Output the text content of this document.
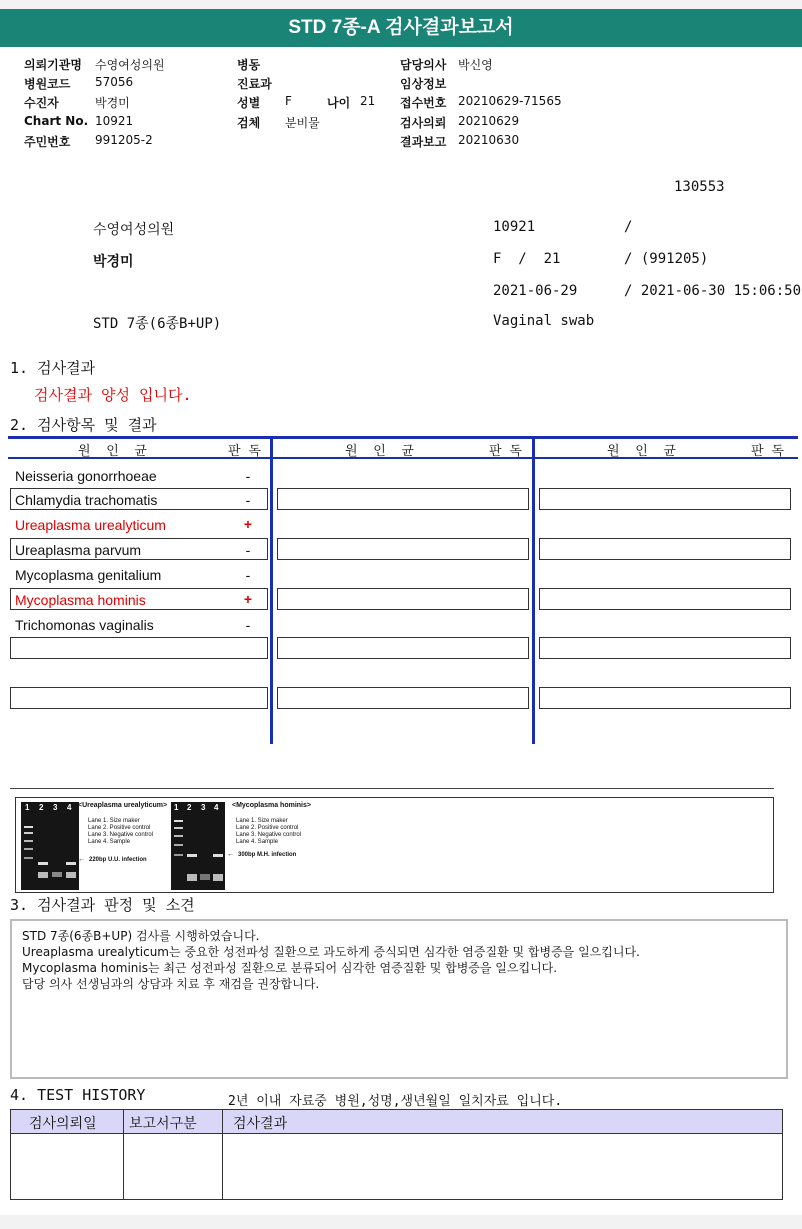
STD 7종-A 검사결과보고서
의뢰기관명 수영여성의원
병원코드 57056
수진자	박경미
Chart No. 10921
주민번호 991205-2
병동
진료과
성별 F	나이 21
검체 분비물
담당의사 박신영
임상정보
접수번호 20210629-71565
검사의뢰 20210629
결과보고 20210630
130553
수영여성의원	10921	/
박경미	F  /  21	/ (991205)
2021-06-29	/ 2021-06-30 15:06:50
STD 7종(6종B+UP)	Vaginal swab
1. 검사결과
검사결과 양성 입니다.
2. 검사항목 및 결과
원  인  균	판 독	원  인  균	판 독	원  인  균	판 독
Neisseria gonorrhoeae	-
Chlamydia trachomatis	-
Ureaplasma urealyticum	+
Ureaplasma parvum	-
Mycoplasma genitalium	-
Mycoplasma hominis	+
Trichomonas vaginalis	-
1 2 3 4 <Ureaplasma urealyticum>
Lane 1. Size maker
Lane 2. Positive control
Lane 3. Negative control
Lane 4. Sample
← 220bp U.U. infection
1 2 3 4 <Mycoplasma hominis>
Lane 1. Size maker
Lane 2. Positive control
Lane 3. Negative control
Lane 4. Sample
← 300bp M.H. infection
3. 검사결과 판정 및 소견
STD 7종(6종B+UP) 검사를 시행하였습니다.
Ureaplasma urealyticum는 중요한 성전파성 질환으로 과도하게 증식되면 심각한 염증질환 및 합병증을 일으킵니다.
Mycoplasma hominis는 최근 성전파성 질환으로 분류되어 심각한 염증질환 및 합병증을 일으킵니다.
담당 의사 선생님과의 상담과 치료 후 재검을 권장합니다.
4. TEST HISTORY	2년 이내 자료중 병원,성명,생년월일 일치자료 입니다.
검사의뢰일 보고서구분	검사결과
